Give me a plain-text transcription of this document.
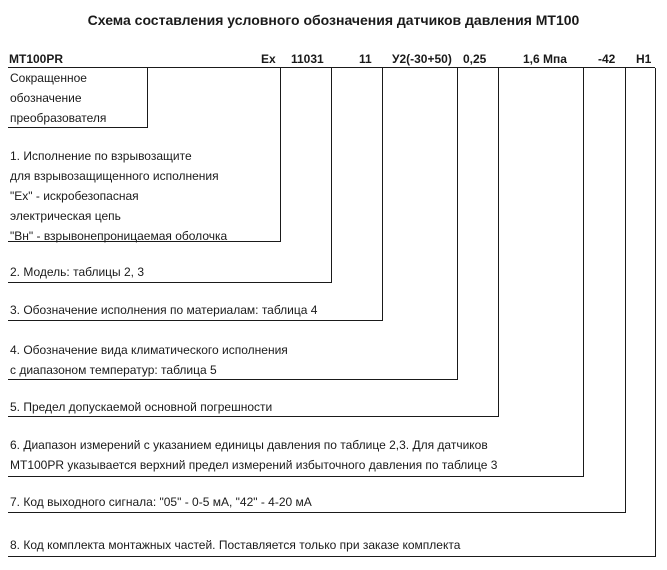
Схема составления условного обозначения датчиков давления МТ100
МТ100PR	Ex 11031	11 У2(-30+50) 0,25	1,6 Мпа	-42 Н1
Сокращенное
обозначение
преобразователя
1. Исполнение по взрывозащите
для взрывозащищенного исполнения
"Ex" - искробезопасная
электрическая цепь
"Вн" - взрывонепроницаемая оболочка
2. Модель: таблицы 2, 3
3. Обозначение исполнения по материалам: таблица 4
4. Обозначение вида климатического исполнения
с диапазоном температур: таблица 5
5. Предел допускаемой основной погрешности
6. Диапазон измерений с указанием единицы давления по таблице 2,3. Для датчиков
МТ100PR указывается верхний предел измерений избыточного давления по таблице 3
7. Код выходного сигнала: "05" - 0-5 мА, "42" - 4-20 мА
8. Код комплекта монтажных частей. Поставляется только при заказе комплекта
